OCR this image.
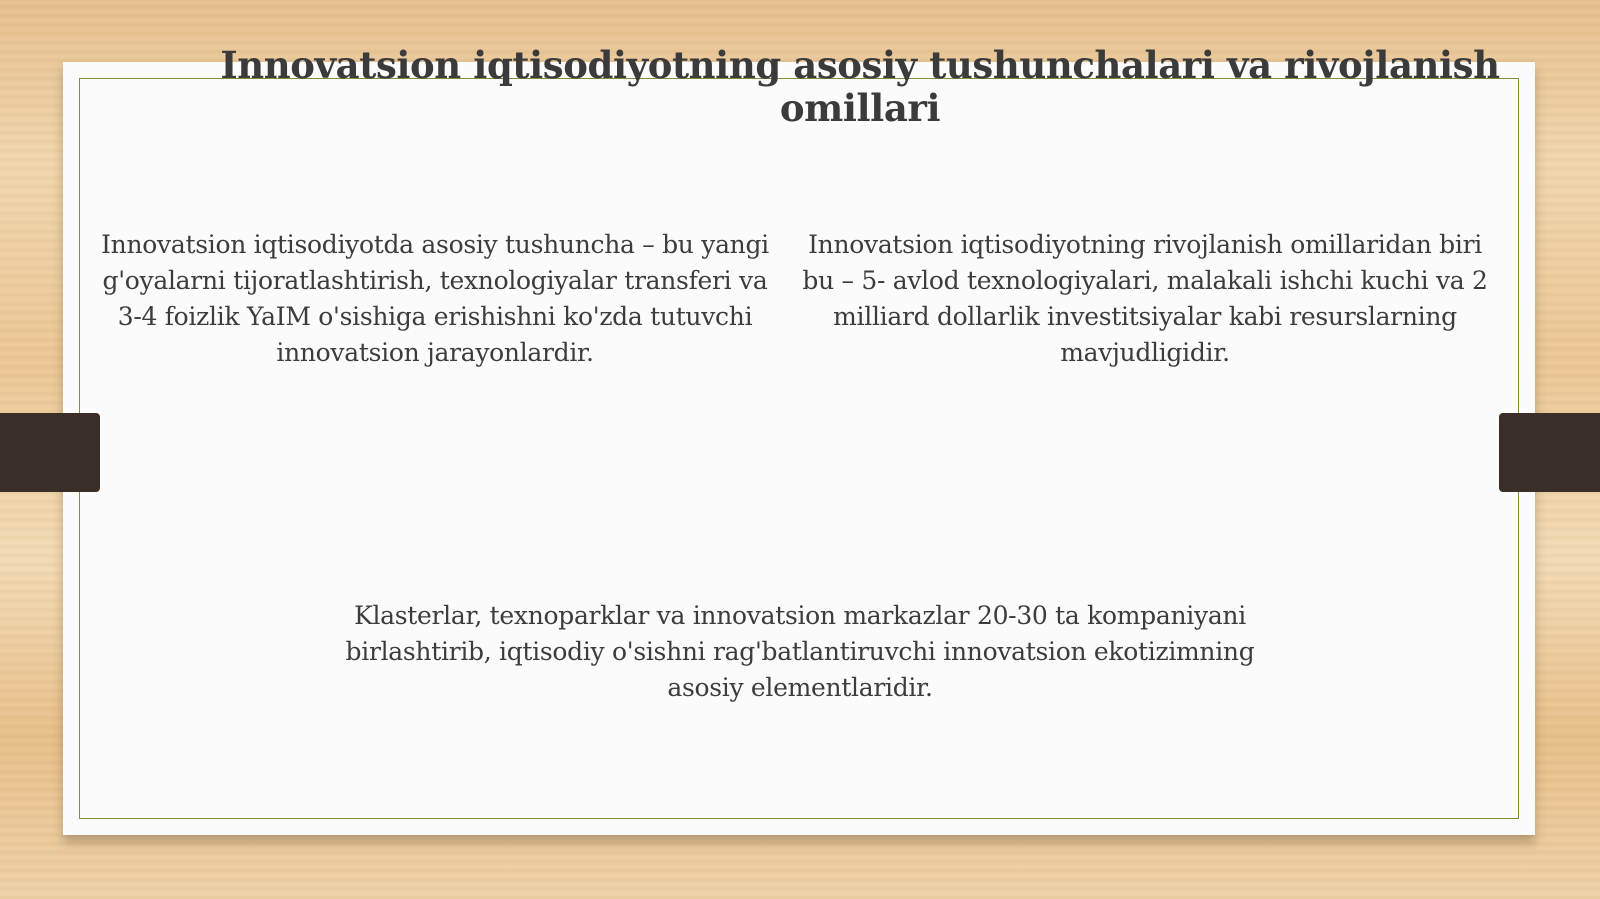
Innovatsion iqtisodiyotning asosiy tushunchalari va rivojlanish omillari

Innovatsion iqtisodiyotda asosiy tushuncha – bu yangi g'oyalarni tijoratlashtirish, texnologiyalar transferi va 3-4 foizlik YaIM o'sishiga erishishni ko'zda tutuvchi innovatsion jarayonlardir.

Innovatsion iqtisodiyotning rivojlanish omillaridan biri bu – 5- avlod texnologiyalari, malakali ishchi kuchi va 2 milliard dollarlik investitsiyalar kabi resurslarning mavjudligidir.

Klasterlar, texnoparklar va innovatsion markazlar 20-30 ta kompaniyani birlashtirib, iqtisodiy o'sishni rag'batlantiruvchi innovatsion ekotizimning asosiy elementlaridir.
